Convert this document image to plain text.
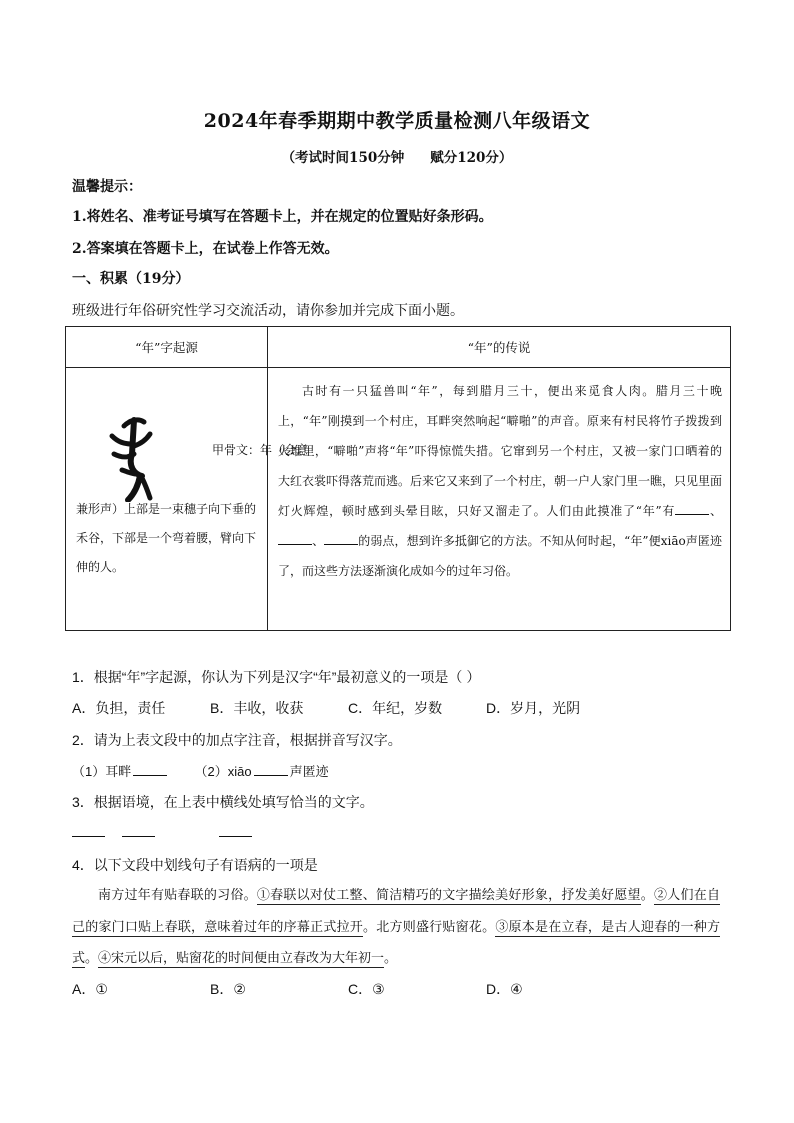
2024年春季期期中教学质量检测八年级语文
（考试时间150分钟 赋分120分）
温馨提示：
1.将姓名、准考证号填写在答题卡上，并在规定的位置贴好条形码。
2.答案填在答题卡上，在试卷上作答无效。
一、积累（19分）
班级进行年俗研究性学习交流活动，请你参加并完成下面小题。
“年”字起源	“年”的传说

甲骨文：年（会意

兼形声）上部是一束穗子向下垂的禾谷，下部是一个弯着腰，臂向下伸的人。	古时有一只猛兽叫“年”，每到腊月三十，便出来觅食人肉。腊月三十晚上，“年”刚摸到一个村庄，耳畔突然响起“噼啪”的声音。原来有村民将竹子拨拨到火堆里，“噼啪”声将“年”吓得惊慌失措。它窜到另一个村庄，又被一家门口晒着的大红衣裳吓得落荒而逃。后来它又来到了一个村庄，朝一户人家门里一瞧，只见里面灯火辉煌，顿时感到头晕目眩，只好又溜走了。人们由此摸准了“年”有 、、 的弱点，想到许多抵御它的方法。不知从何时起，“年”便xiāo声匿迹了，而这些方法逐渐演化成如今的过年习俗。
1．根据“年”字起源，你认为下列是汉字“年”最初意义的一项是（ ）
A．负担，责任	B．丰收，收获	C．年纪，岁数	D．岁月，光阴
2．请为上表文段中的加点字注音，根据拼音写汉字。
（1）耳畔	（2）xiāo	声匿迹
3．根据语境，在上表中横线处填写恰当的文字。
4．以下文段中划线句子有语病的一项是
南方过年有贴春联的习俗。①春联以对仗工整、简洁精巧的文字描绘美好形象，抒发美好愿望。②人们在自己的家门口贴上春联，意味着过年的序幕正式拉开。北方则盛行贴窗花。③原本是在立春，是古人迎春的一种方式。④宋元以后，贴窗花的时间便由立春改为大年初一。
A．①	B．②	C．③	D．④
